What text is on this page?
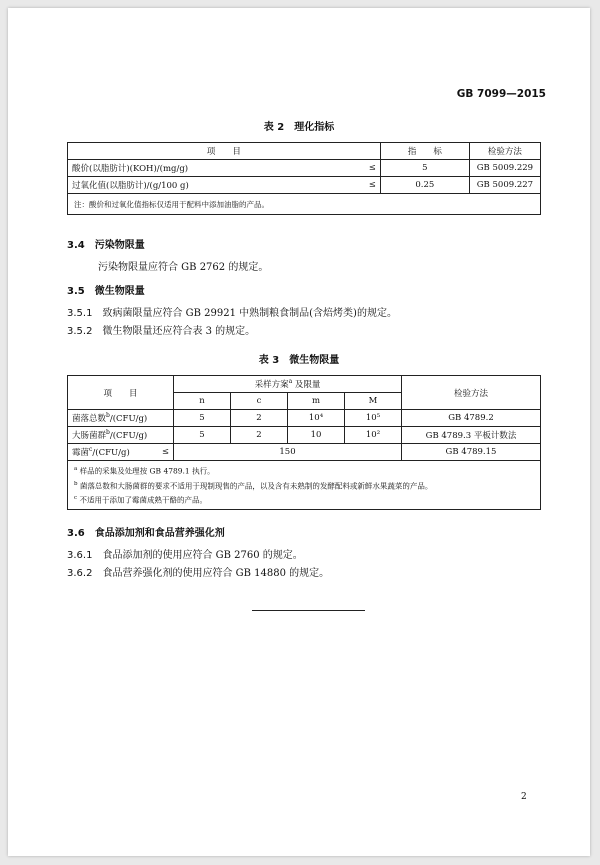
GB 7099—2015
表 2　理化指标
项　　目		指　　标	检验方法
酸价(以脂肪计)(KOH)/(mg/g)	≤	5	GB 5009.229
过氧化值(以脂肪计)/(g/100 g)	≤	0.25	GB 5009.227
注：酸价和过氧化值指标仅适用于配料中添加油脂的产品。			
3.4 污染物限量
污染物限量应符合 GB 2762 的规定。
3.5 微生物限量
3.5.1 致病菌限量应符合 GB 29921 中熟制粮食制品(含焙烤类)的规定。
3.5.2 微生物限量还应符合表 3 的规定。
表 3　微生物限量
项　　目		采样方案$^a$ 及限量				检验方法
		n	c	m	M	
菌落总数$^b$/(CFU/g)		5	2	10⁴	10⁵	GB 4789.2
大肠菌群$^b$/(CFU/g)		5	2	10	10²	GB 4789.3 平板计数法
霉菌$^c$/(CFU/g)	≤	150				GB 4789.15

$^a$ 样品的采集及处理按 GB 4789.1 执行。
$^b$ 菌落总数和大肠菌群的要求不适用于现制现售的产品，以及含有未熟制的发酵配料或新鲜水果蔬菜的产品。
$^c$ 不适用于添加了霉菌成熟干酪的产品。						
3.6 食品添加剂和食品营养强化剂
3.6.1 食品添加剂的使用应符合 GB 2760 的规定。
3.6.2 食品营养强化剂的使用应符合 GB 14880 的规定。
2
